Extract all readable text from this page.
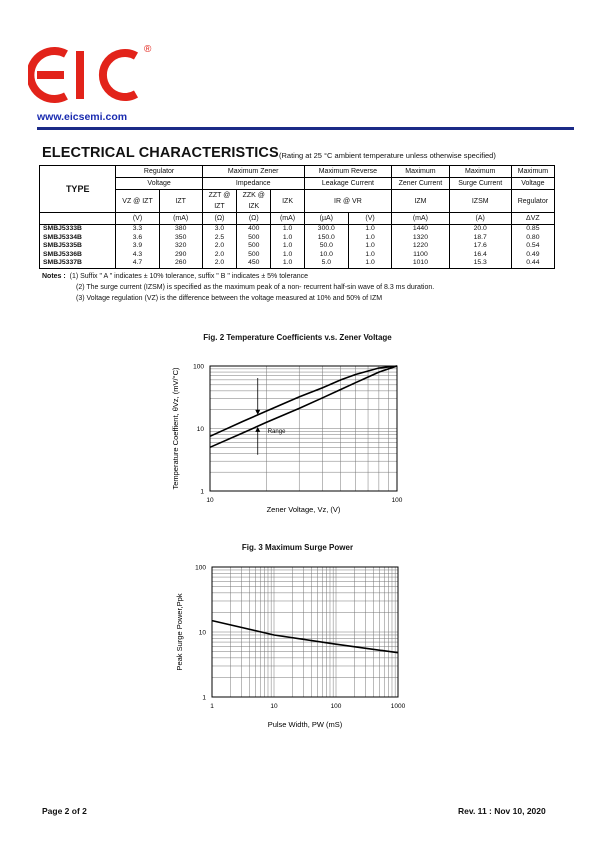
®
www.eicsemi.com
ELECTRICAL CHARACTERISTICS (Rating at 25 °C ambient temperature unless otherwise specified)
TYPE	Regulator		Maximum Zener			Maximum Reverse		Maximum	Maximum	Maximum
	Voltage		Impedance			Leakage Current		Zener Current	Surge Current	Voltage
	VZ @ IZT	IZT	ZZT @ IZT	ZZK @ IZK	IZK	IR @ VR		IZM	IZSM	Regulator
	(V)	(mA)	(Ω)	(Ω)	(mA)	(µA)	(V)	(mA)	(A)	ΔVZ
SMBJ5333B	3.3	380	3.0	400	1.0	300.0	1.0	1440	20.0	0.85
SMBJ5334B	3.6	350	2.5	500	1.0	150.0	1.0	1320	18.7	0.80
SMBJ5335B	3.9	320	2.0	500	1.0	50.0	1.0	1220	17.6	0.54
SMBJ5336B	4.3	290	2.0	500	1.0	10.0	1.0	1100	16.4	0.49
SMBJ5337B	4.7	260	2.0	450	1.0	5.0	1.0	1010	15.3	0.44
Notes : (1) Suffix " A " indicates ± 10% tolerance, suffix " B " indicates ± 5% tolerance
(2) The surge current (IZSM) is specified as the maximum peak of a non- recurrent half-sin wave of 8.3 ms duration.
(3) Voltage regulation (VZ) is the difference between the voltage measured at 10% and 50% of IZM
Fig. 2 Temperature Coefficients v.s. Zener Voltage
1
10
100
10	100
Zener Voltage, Vz, (V)
Temperature Coeffient, θVz, (mV/°C)	Range
Fig. 3 Maximum Surge Power
1
10
100
1	10	100	1000
Pulse Width, PW (mS)
Peak Surge Power,Ppk
Page 2 of 2	Rev. 11 : Nov 10, 2020
